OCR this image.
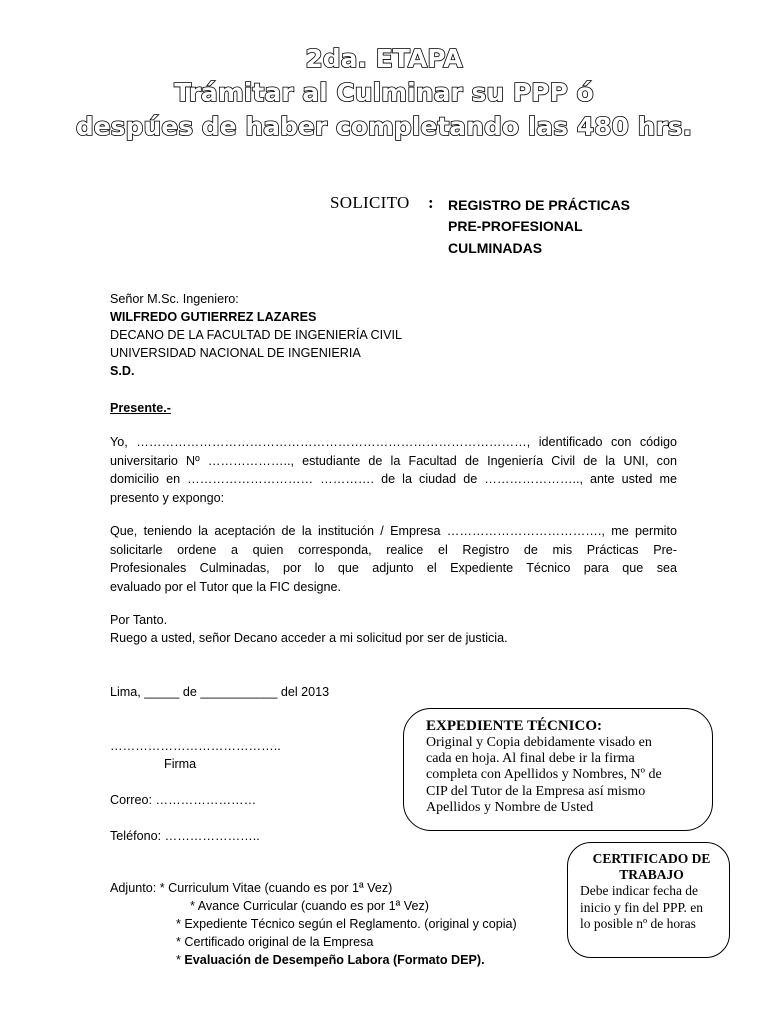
2da. ETAPA
Trámitar al Culminar su PPP ó
despúes de haber completando las 480 hrs.
SOLICITO : REGISTRO DE PRÁCTICAS
PRE-PROFESIONAL
CULMINADAS
Señor M.Sc. Ingeniero:
WILFREDO GUTIERREZ LAZARES
DECANO DE LA FACULTAD DE INGENIERÍA CIVIL
UNIVERSIDAD NACIONAL DE INGENIERIA
S.D.
Presente.-
Yo, …………………………………………………………………………………, identificado con código
universitario Nº ……………….., estudiante de la Facultad de Ingeniería Civil de la UNI, con
domicilio en ………………………… …………. de la ciudad de ………………….., ante usted me
presento y expongo:
Que, teniendo la aceptación de la institución / Empresa ………………………………., me permito
solicitarle ordene a quien corresponda, realice el Registro de mis Prácticas Pre-
Profesionales Culminadas, por lo que adjunto el Expediente Técnico para que sea
evaluado por el Tutor que la FIC designe.
Por Tanto.
Ruego a usted, señor Decano acceder a mi solicitud por ser de justicia.
Lima, _____ de ___________ del 2013
…………………………………..
Firma
Correo: ……………………
Teléfono: …………………..
Adjunto: * Curriculum Vitae (cuando es por 1ª Vez)
* Avance Curricular (cuando es por 1ª Vez)
* Expediente Técnico según el Reglamento. (original y copia)
* Certificado original de la Empresa
* Evaluación de Desempeño Labora (Formato DEP).
EXPEDIENTE TÉCNICO:
Original y Copia debidamente visado en
cada en hoja. Al final debe ir la firma
completa con Apellidos y Nombres, Nº de
CIP del Tutor de la Empresa así mismo
Apellidos y Nombre de Usted
CERTIFICADO DE
TRABAJO
Debe indicar fecha de
inicio y fin del PPP. en
lo posible nº de horas
